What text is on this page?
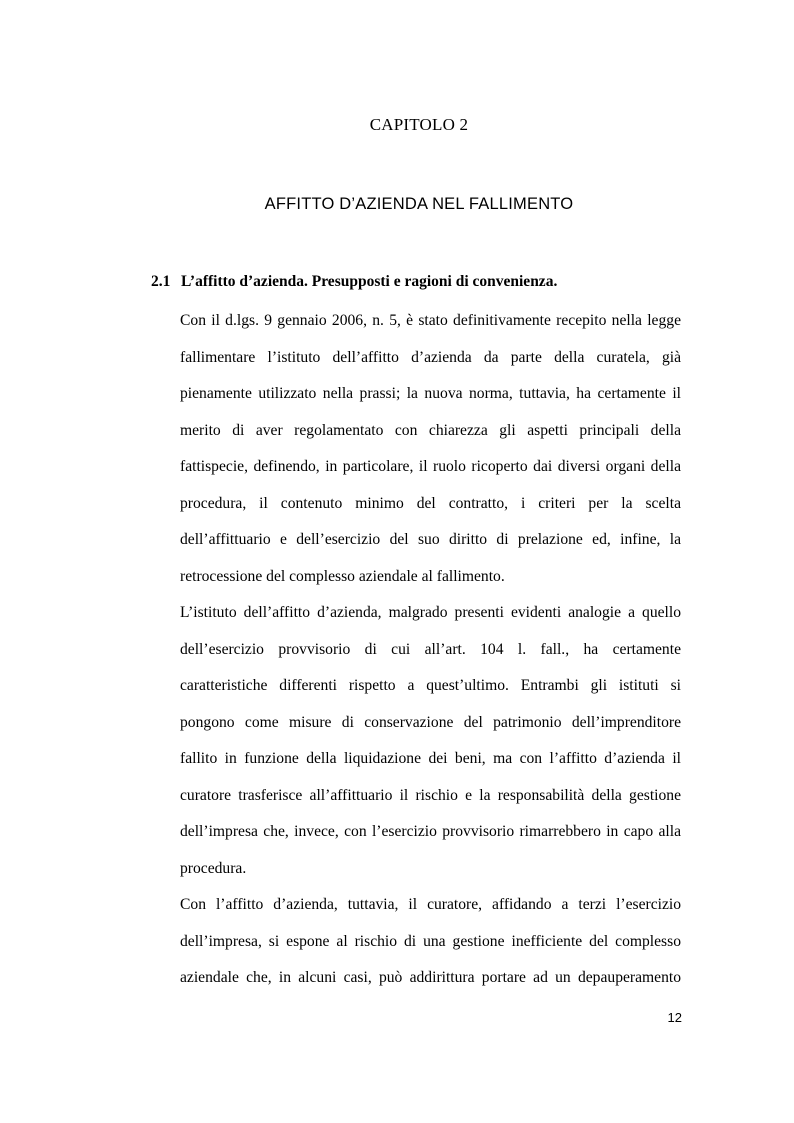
CAPITOLO 2
AFFITTO D’AZIENDA NEL FALLIMENTO
2.1 L’affitto d’azienda. Presupposti e ragioni di convenienza.
Con il d.lgs. 9 gennaio 2006, n. 5, è stato definitivamente recepito nella legge
fallimentare l’istituto dell’affitto d’azienda da parte della curatela, già
pienamente utilizzato nella prassi; la nuova norma, tuttavia, ha certamente il
merito di aver regolamentato con chiarezza gli aspetti principali della
fattispecie, definendo, in particolare, il ruolo ricoperto dai diversi organi della
procedura, il contenuto minimo del contratto, i criteri per la scelta
dell’affittuario e dell’esercizio del suo diritto di prelazione ed, infine, la
retrocessione del complesso aziendale al fallimento.
L’istituto dell’affitto d’azienda, malgrado presenti evidenti analogie a quello
dell’esercizio provvisorio di cui all’art. 104 l. fall., ha certamente
caratteristiche differenti rispetto a quest’ultimo. Entrambi gli istituti si
pongono come misure di conservazione del patrimonio dell’imprenditore
fallito in funzione della liquidazione dei beni, ma con l’affitto d’azienda il
curatore trasferisce all’affittuario il rischio e la responsabilità della gestione
dell’impresa che, invece, con l’esercizio provvisorio rimarrebbero in capo alla
procedura.
Con l’affitto d’azienda, tuttavia, il curatore, affidando a terzi l’esercizio
dell’impresa, si espone al rischio di una gestione inefficiente del complesso
aziendale che, in alcuni casi, può addirittura portare ad un depauperamento
12
